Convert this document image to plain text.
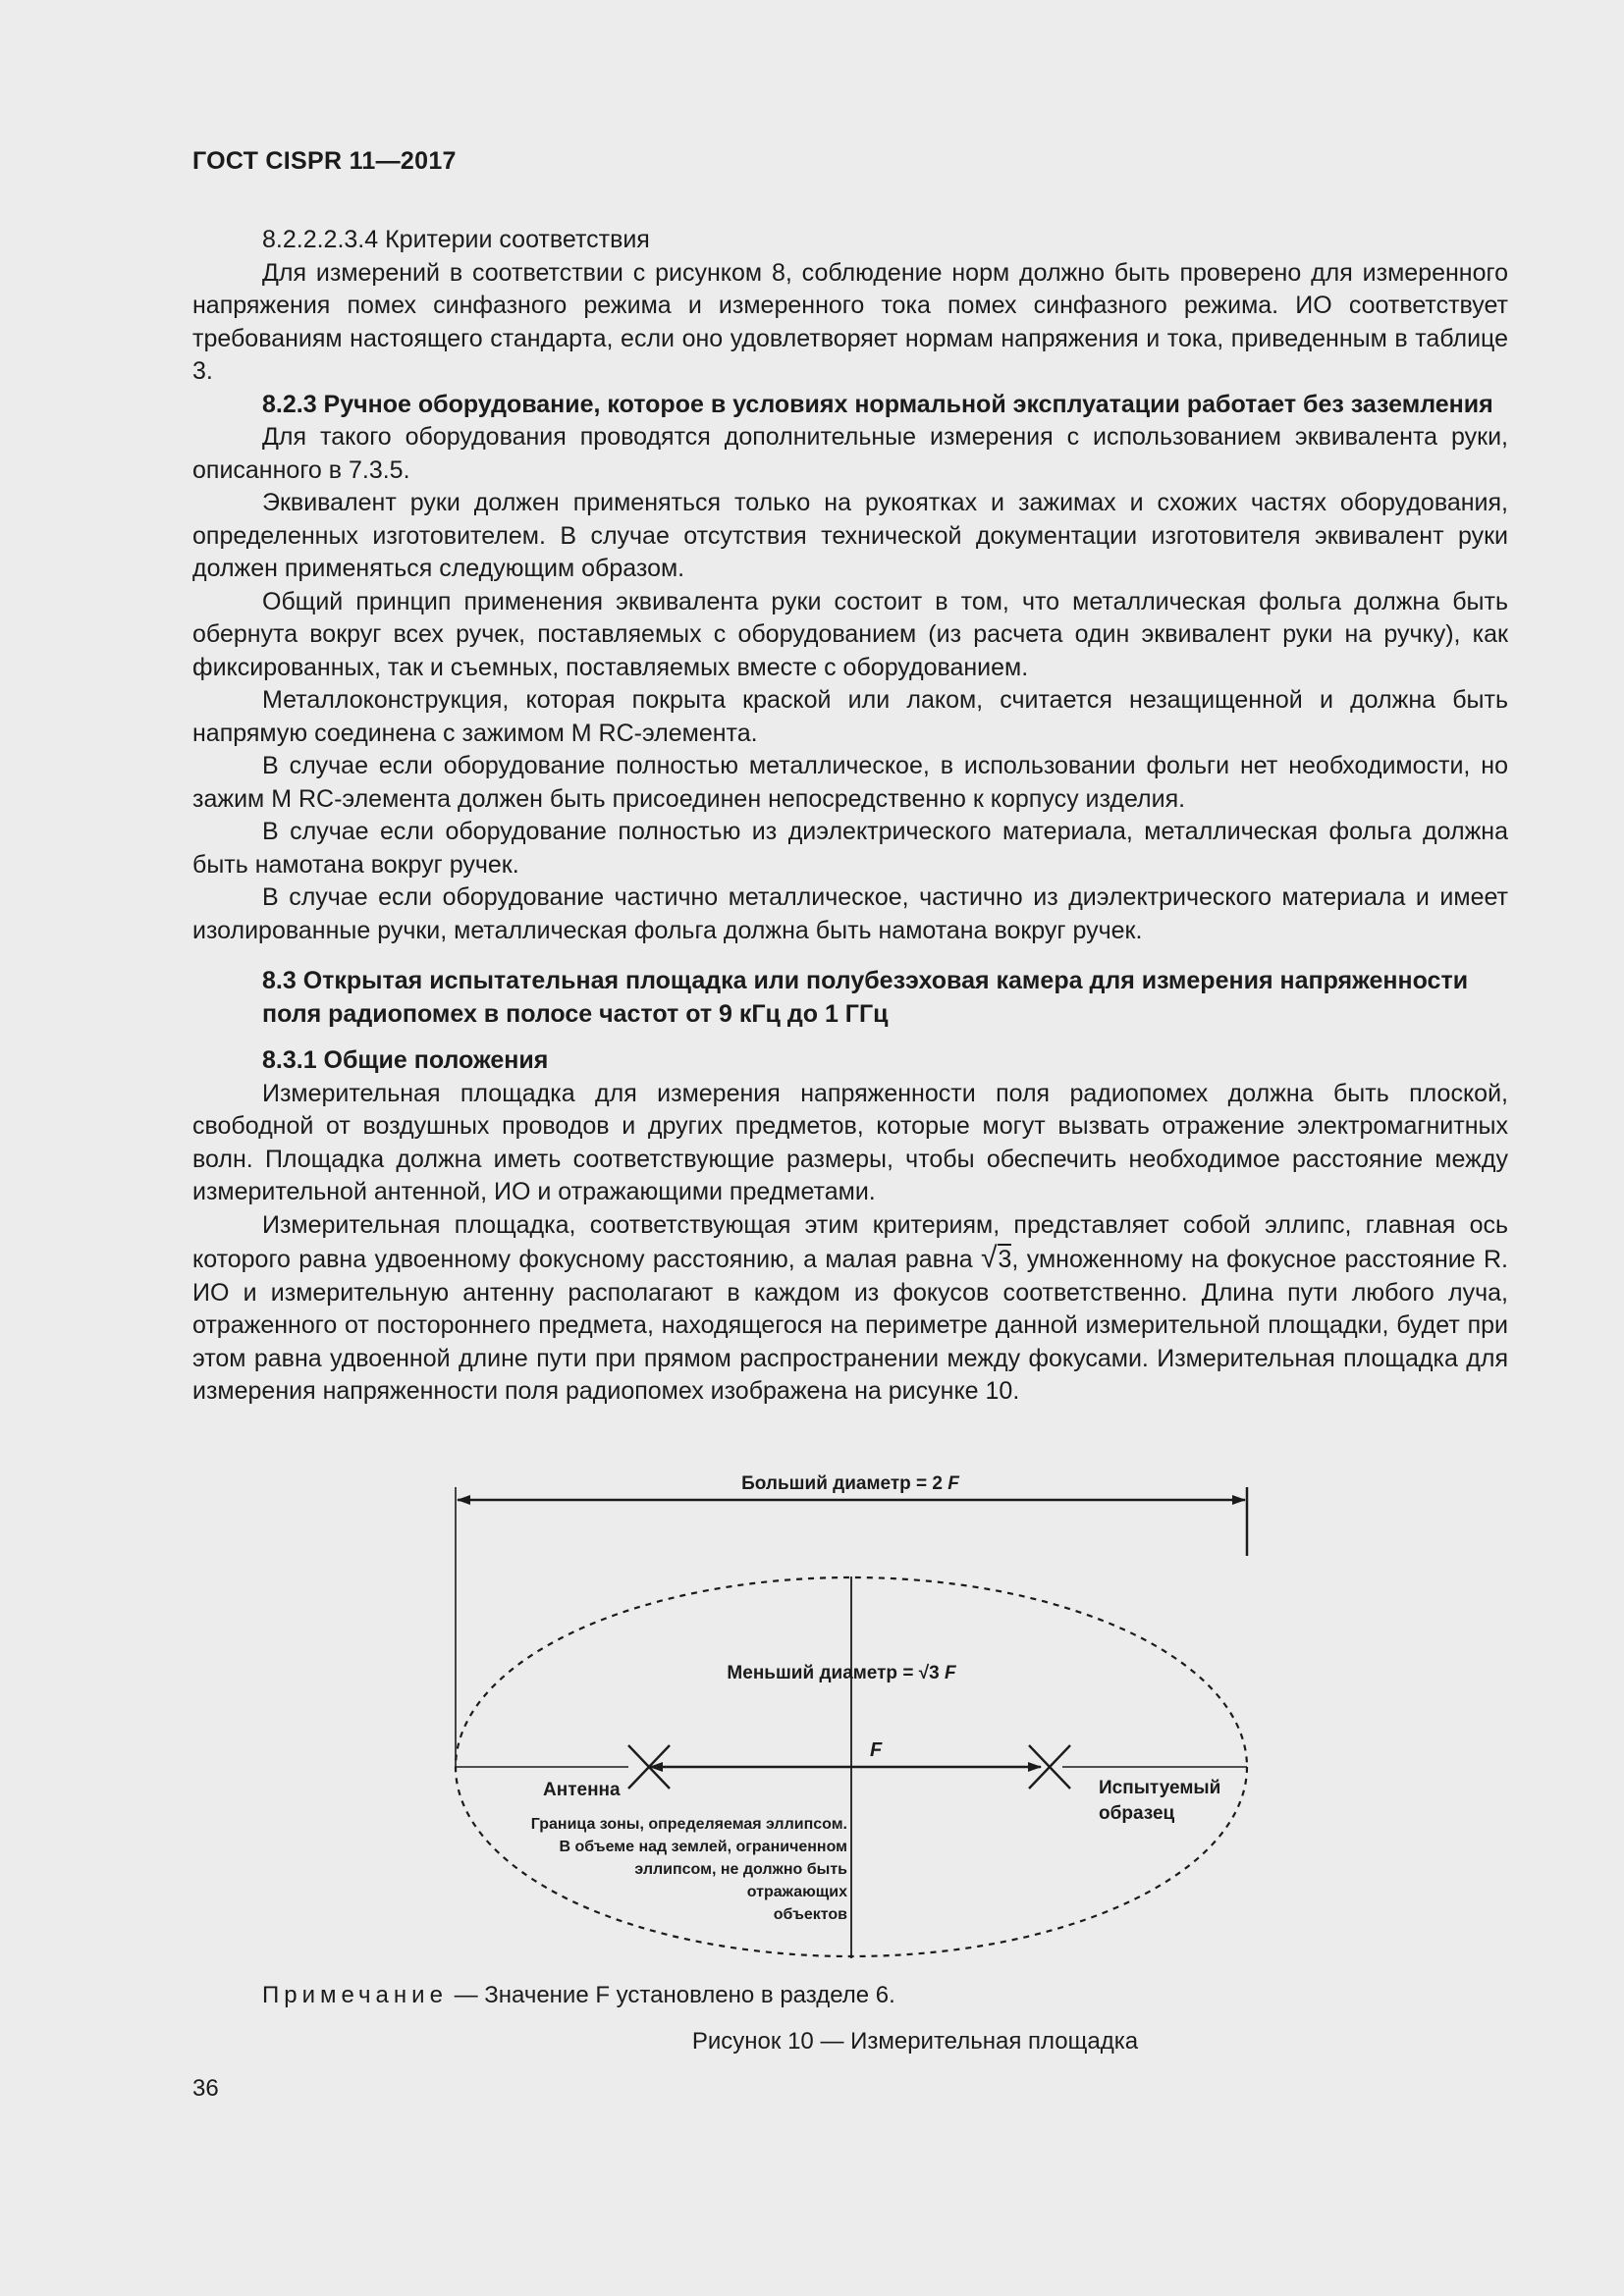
ГОСТ CISPR 11—2017

8.2.2.2.3.4 Критерии соответствия

Для измерений в соответствии с рисунком 8, соблюдение норм должно быть проверено для измеренного напряжения помех синфазного режима и измеренного тока помех синфазного режима. ИО соответствует требованиям настоящего стандарта, если оно удовлетворяет нормам напряжения и тока, приведенным в таблице 3.

8.2.3 Ручное оборудование, которое в условиях нормальной эксплуатации работает без заземления

Для такого оборудования проводятся дополнительные измерения с использованием эквивалента руки, описанного в 7.3.5.

Эквивалент руки должен применяться только на рукоятках и зажимах и схожих частях оборудования, определенных изготовителем. В случае отсутствия технической документации изготовителя эквивалент руки должен применяться следующим образом.

Общий принцип применения эквивалента руки состоит в том, что металлическая фольга должна быть обернута вокруг всех ручек, поставляемых с оборудованием (из расчета один эквивалент руки на ручку), как фиксированных, так и съемных, поставляемых вместе с оборудованием.

Металлоконструкция, которая покрыта краской или лаком, считается незащищенной и должна быть напрямую соединена с зажимом М RC-элемента.

В случае если оборудование полностью металлическое, в использовании фольги нет необходимости, но зажим М RC-элемента должен быть присоединен непосредственно к корпусу изделия.

В случае если оборудование полностью из диэлектрического материала, металлическая фольга должна быть намотана вокруг ручек.

В случае если оборудование частично металлическое, частично из диэлектрического материала и имеет изолированные ручки, металлическая фольга должна быть намотана вокруг ручек.

8.3 Открытая испытательная площадка или полубезэховая камера для измерения напряженности поля радиопомех в полосе частот от 9 кГц до 1 ГГц

8.3.1 Общие положения

Измерительная площадка для измерения напряженности поля радиопомех должна быть плоской, свободной от воздушных проводов и других предметов, которые могут вызвать отражение электромагнитных волн. Площадка должна иметь соответствующие размеры, чтобы обеспечить необходимое расстояние между измерительной антенной, ИО и отражающими предметами.

Измерительная площадка, соответствующая этим критериям, представляет собой эллипс, главная ось которого равна удвоенному фокусному расстоянию, а малая равна √3, умноженному на фокусное расстояние R. ИО и измерительную антенну располагают в каждом из фокусов соответственно. Длина пути любого луча, отраженного от постороннего предмета, находящегося на периметре данной измерительной площадки, будет при этом равна удвоенной длине пути при прямом распространении между фокусами. Измерительная площадка для измерения напряженности поля радиопомех изображена на рисунке 10.

Больший диаметр = 2 F
Меньший диаметр = √3 F
F
Антенна	Испытуемый
образец
Граница зоны, определяемая эллипсом.
В объеме над землей, ограниченном
эллипсом, не должно быть
отражающих
объектов
Примечание — Значение F установлено в разделе 6.
Рисунок 10 — Измерительная площадка
36
